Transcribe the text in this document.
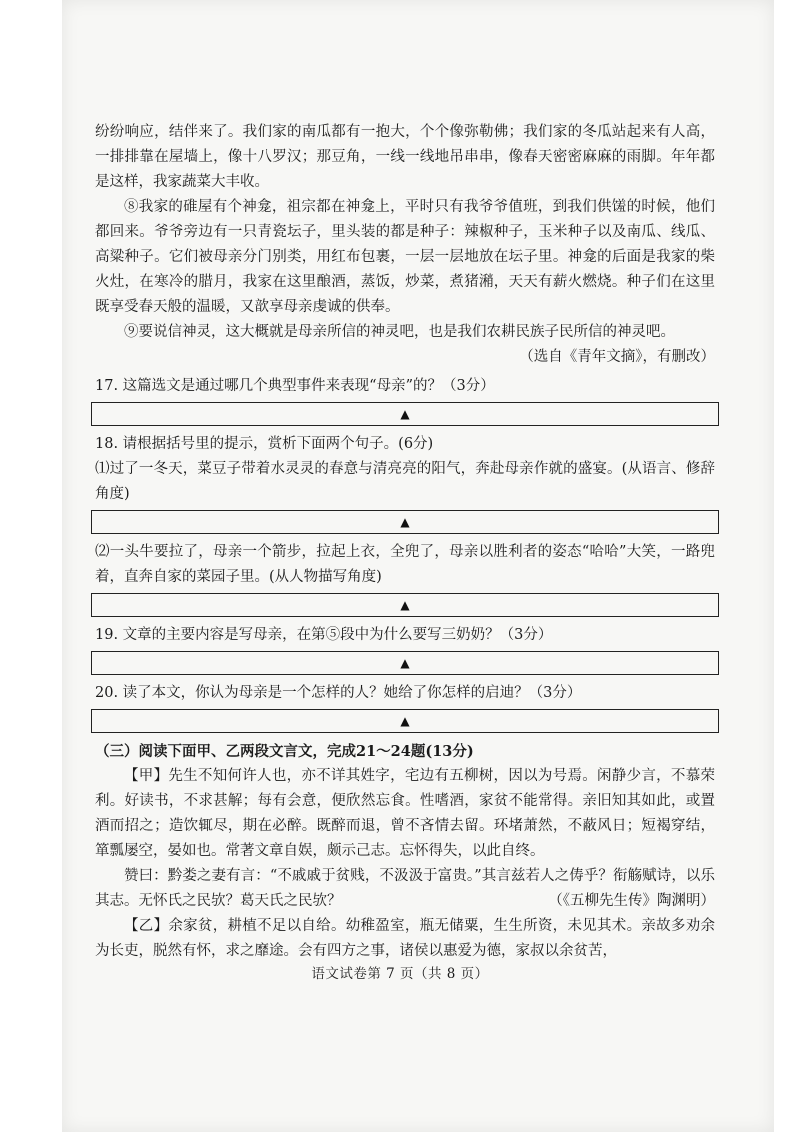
纷纷响应，结伴来了。我们家的南瓜都有一抱大，个个像弥勒佛；我们家的冬瓜站起来有人高，一排排靠在屋墙上，像十八罗汉；那豆角，一线一线地吊串串，像春天密密麻麻的雨脚。年年都是这样，我家蔬菜大丰收。

⑧我家的碓屋有个神龛，祖宗都在神龛上，平时只有我爷爷值班，到我们供馐的时候，他们都回来。爷爷旁边有一只青瓷坛子，里头装的都是种子：辣椒种子，玉米种子以及南瓜、线瓜、高粱种子。它们被母亲分门别类，用红布包裹，一层一层地放在坛子里。神龛的后面是我家的柴火灶，在寒冷的腊月，我家在这里酿酒，蒸饭，炒菜，煮猪潲，天天有薪火燃烧。种子们在这里既享受春天般的温暖，又歆享母亲虔诚的供奉。

⑨要说信神灵，这大概就是母亲所信的神灵吧，也是我们农耕民族子民所信的神灵吧。

（选自《青年文摘》，有删改）

17. 这篇选文是通过哪几个典型事件来表现“母亲”的？（3分）

▲

18. 请根据括号里的提示，赏析下面两个句子。(6分)

⑴过了一冬天，菜豆子带着水灵灵的春意与清亮亮的阳气，奔赴母亲作就的盛宴。(从语言、修辞角度)

▲

⑵一头牛要拉了，母亲一个箭步，拉起上衣，全兜了，母亲以胜利者的姿态“哈哈”大笑，一路兜着，直奔自家的菜园子里。(从人物描写角度)

▲

19. 文章的主要内容是写母亲，在第⑤段中为什么要写三奶奶？（3分）

▲

20. 读了本文，你认为母亲是一个怎样的人？她给了你怎样的启迪？（3分）

▲

（三）阅读下面甲、乙两段文言文，完成21～24题(13分)

【甲】先生不知何许人也，亦不详其姓字，宅边有五柳树，因以为号焉。闲静少言，不慕荣利。好读书，不求甚解；每有会意，便欣然忘食。性嗜酒，家贫不能常得。亲旧知其如此，或置酒而招之；造饮辄尽，期在必醉。既醉而退，曾不吝情去留。环堵萧然，不蔽风日；短褐穿结，箪瓢屡空，晏如也。常著文章自娱，颇示己志。忘怀得失，以此自终。

赞曰：黔娄之妻有言：“不戚戚于贫贱，不汲汲于富贵。”其言兹若人之俦乎？衔觞赋诗，以乐其志。无怀氏之民欤？葛天氏之民欤？	（《五柳先生传》陶渊明）

【乙】余家贫，耕植不足以自给。幼稚盈室，瓶无储粟，生生所资，未见其术。亲故多劝余为长吏，脱然有怀，求之靡途。会有四方之事，诸侯以惠爱为德，家叔以余贫苦，

语文试卷第 7 页（共 8 页）
